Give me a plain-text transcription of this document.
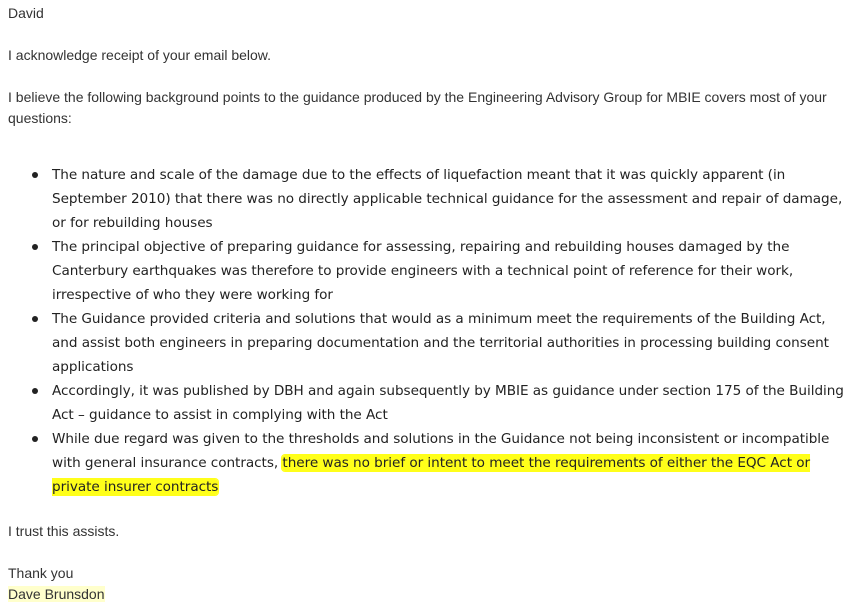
David

I acknowledge receipt of your email below.

I believe the following background points to the guidance produced by the Engineering Advisory Group for MBIE covers most of your questions:

The nature and scale of the damage due to the effects of liquefaction meant that it was quickly apparent (in September 2010) that there was no directly applicable technical guidance for the assessment and repair of damage, or for rebuilding houses
The principal objective of preparing guidance for assessing, repairing and rebuilding houses damaged by the Canterbury earthquakes was therefore to provide engineers with a technical point of reference for their work, irrespective of who they were working for
The Guidance provided criteria and solutions that would as a minimum meet the requirements of the Building Act, and assist both engineers in preparing documentation and the territorial authorities in processing building consent applications
Accordingly, it was published by DBH and again subsequently by MBIE as guidance under section 175 of the Building Act – guidance to assist in complying with the Act
While due regard was given to the thresholds and solutions in the Guidance not being inconsistent or incompatible with general insurance contracts, there was no brief or intent to meet the requirements of either the EQC Act or private insurer contracts

I trust this assists.

Thank you

Dave Brunsdon
